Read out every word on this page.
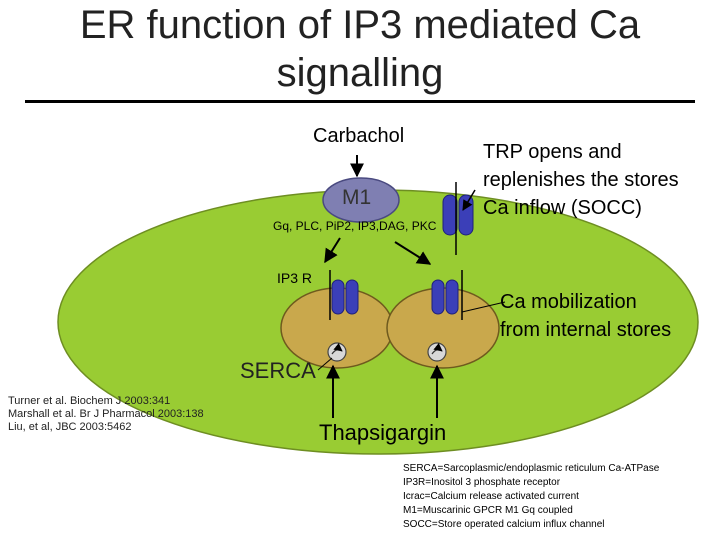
ER function of IP3 mediated Ca
signalling
Carbachol
M1
Gq, PLC, PiP2, IP3,DAG, PKC
IP3 R
TRP opens and
replenishes the stores
Ca inflow (SOCC)
Ca mobilization
from internal stores
SERCA
Thapsigargin
Turner et al. Biochem J 2003:341
Marshall et al. Br J Pharmacol 2003:138
Liu, et al, JBC 2003:5462
SERCA=Sarcoplasmic/endoplasmic reticulum Ca-ATPase
IP3R=Inositol 3 phosphate receptor
Icrac=Calcium release activated current
M1=Muscarinic GPCR M1 Gq coupled
SOCC=Store operated calcium influx channel
